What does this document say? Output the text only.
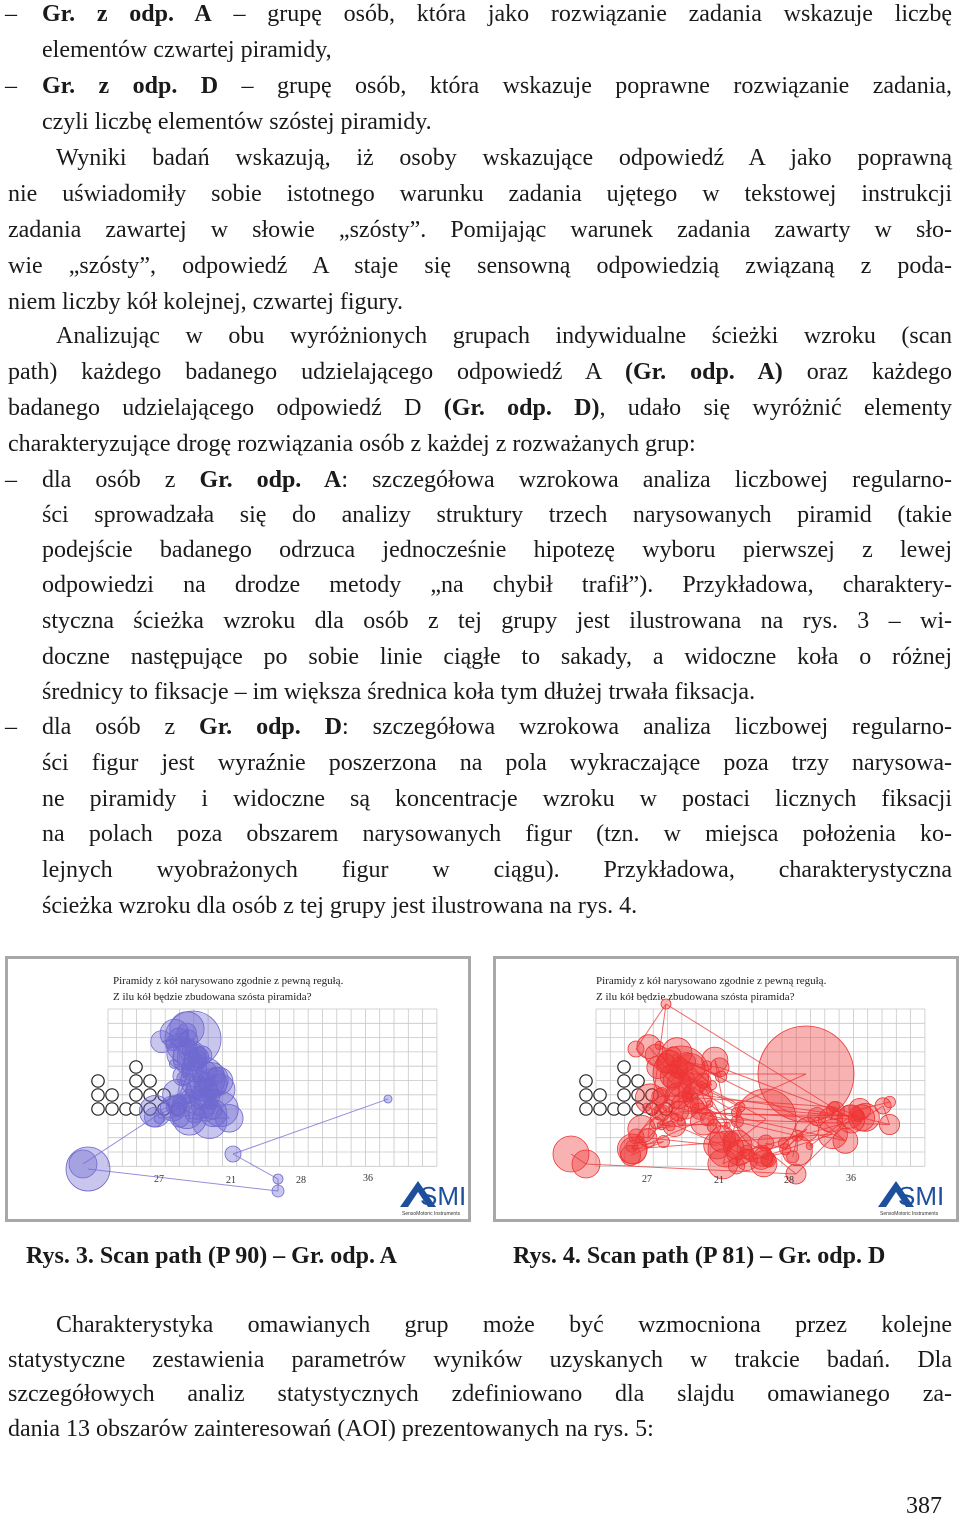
– Gr. z odp. A – grupę osób, która jako rozwiązanie zadania wskazuje liczbę
elementów czwartej piramidy,
– Gr. z odp. D – grupę osób, która wskazuje poprawne rozwiązanie zadania,
czyli liczbę elementów szóstej piramidy.
Wyniki badań wskazują, iż osoby wskazujące odpowiedź A jako poprawną
nie uświadomiły sobie istotnego warunku zadania ujętego w tekstowej instrukcji
zadania zawartej w słowie „szósty”. Pomijając warunek zadania zawarty w sło-
wie „szósty”, odpowiedź A staje się sensowną odpowiedzią związaną z poda-
niem liczby kół kolejnej, czwartej figury.
Analizując w obu wyróżnionych grupach indywidualne ścieżki wzroku (scan
path) każdego badanego udzielającego odpowiedź A (Gr. odp. A) oraz każdego
badanego udzielającego odpowiedź D (Gr. odp. D), udało się wyróżnić elementy
charakteryzujące drogę rozwiązania osób z każdej z rozważanych grup:
– dla osób z Gr. odp. A: szczegółowa wzrokowa analiza liczbowej regularno-
ści sprowadzała się do analizy struktury trzech narysowanych piramid (takie
podejście badanego odrzuca jednocześnie hipotezę wyboru pierwszej z lewej
odpowiedzi na drodze metody „na chybił trafił”). Przykładowa, charaktery-
styczna ścieżka wzroku dla osób z tej grupy jest ilustrowana na rys. 3 – wi-
doczne następujące po sobie linie ciągłe to sakady, a widoczne koła o różnej
średnicy to fiksacje – im większa średnica koła tym dłużej trwała fiksacja.
– dla osób z Gr. odp. D: szczegółowa wzrokowa analiza liczbowej regularno-
ści figur jest wyraźnie poszerzona na pola wykraczające poza trzy narysowa-
ne piramidy i widoczne są koncentracje wzroku w postaci licznych fiksacji
na polach poza obszarem narysowanych figur (tzn. w miejsca położenia ko-
lejnych wyobrażonych figur w ciągu). Przykładowa, charakterystyczna
ścieżka wzroku dla osób z tej grupy jest ilustrowana na rys. 4.
Piramidy z kół narysowano zgodnie z pewną regułą.
Z ilu kół będzie zbudowana szósta piramida?
27	21	28	36
SMI
SensoMotoric Instruments
Piramidy z kół narysowano zgodnie z pewną regułą.
Z ilu kół będzie zbudowana szósta piramida?
27	21	28	36
SMI
SensoMotoric Instruments
Rys. 3. Scan path (P 90) – Gr. odp. A	Rys. 4. Scan path (P 81) – Gr. odp. D
Charakterystyka omawianych grup może być wzmocniona przez kolejne
statystyczne zestawienia parametrów wyników uzyskanych w trakcie badań. Dla
szczegółowych analiz statystycznych zdefiniowano dla slajdu omawianego za-
dania 13 obszarów zainteresowań (AOI) prezentowanych na rys. 5:
387
